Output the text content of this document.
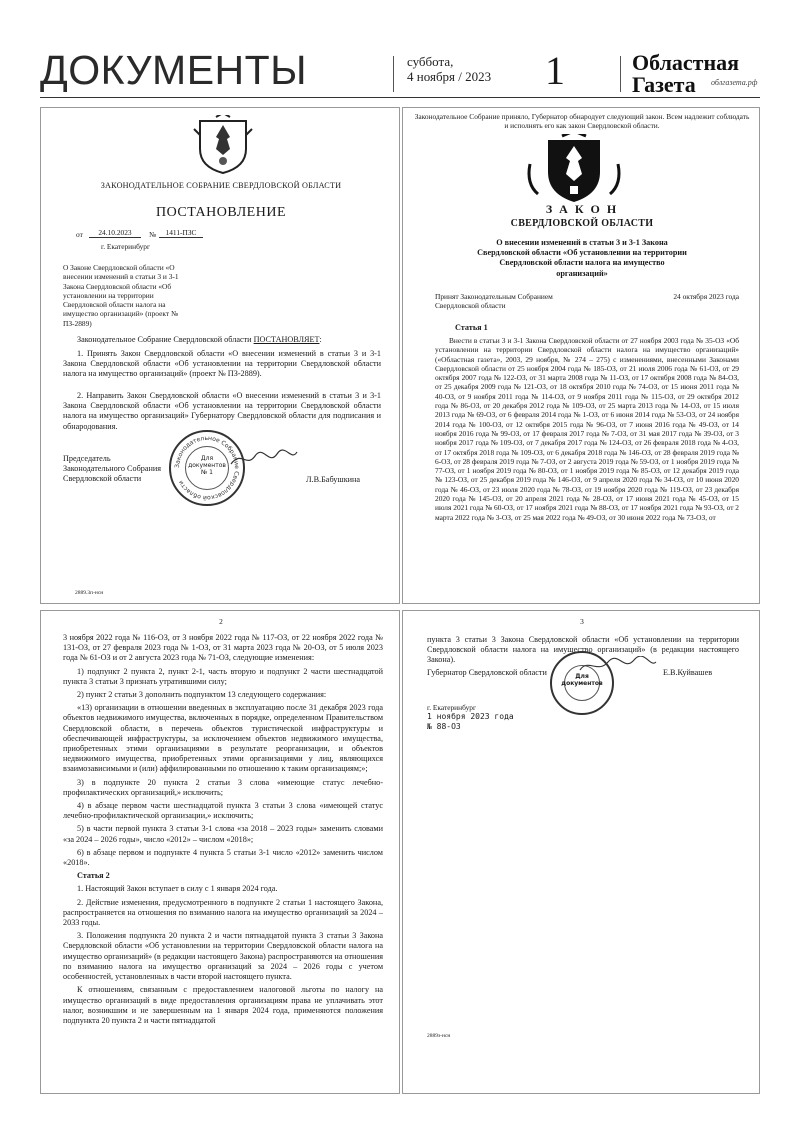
ДОКУМЕНТЫ	суббота,
4 ноября / 2023 1	Областная
Газета	облгазета.рф
ЗАКОНОДАТЕЛЬНОЕ СОБРАНИЕ СВЕРДЛОВСКОЙ ОБЛАСТИ
ПОСТАНОВЛЕНИЕ
от	24.10.2023	№	1411-ПЗС
г. Екатеринбург
О Законе Свердловской области «О внесении изменений в статьи 3 и 3-1 Закона Свердловской области «Об установлении на территории Свердловской области налога на имущество организаций» (проект № ПЗ-2889)
Законодательное Собрание Свердловской области ПОСТАНОВЛЯЕТ:
1. Принять Закон Свердловской области «О внесении изменений в статьи 3 и 3-1 Закона Свердловской области «Об установлении на территории Свердловской области налога на имущество организаций» (проект № ПЗ-2889).
2. Направить Закон Свердловской области «О внесении изменений в статьи 3 и 3-1 Закона Свердловской области «Об установлении на территории Свердловской области налога на имущество организаций» Губернатору Свердловской области для подписания и обнародования.
Председатель
Законодательного Собрания
Свердловской области
Законодательное Собрание Свердловской области
Для
документов
№ 1
Л.В.Бабушкина
2889.3п-нсн
Законодательное Собрание приняло, Губернатор обнародует следующий закон. Всем надлежит соблюдать и исполнять его как закон Свердловской области.
З А К О Н
СВЕРДЛОВСКОЙ ОБЛАСТИ
О внесении изменений в статьи 3 и 3-1 Закона Свердловской области «Об установлении на территории Свердловской области налога на имущество организаций»
Принят Законодательным Собранием
Свердловской области
24 октября 2023 года
Статья 1
Внести в статьи 3 и 3-1 Закона Свердловской области от 27 ноября 2003 года № 35-ОЗ «Об установлении на территории Свердловской области налога на имущество организаций» («Областная газета», 2003, 29 ноября, № 274 – 275) с изменениями, внесенными Законами Свердловской области от 25 ноября 2004 года № 185-ОЗ, от 21 июля 2006 года № 61-ОЗ, от 29 октября 2007 года № 122-ОЗ, от 31 марта 2008 года № 11-ОЗ, от 17 октября 2008 года № 84-ОЗ, от 25 декабря 2009 года № 121-ОЗ, от 18 октября 2010 года № 74-ОЗ, от 15 июня 2011 года № 40-ОЗ, от 9 ноября 2011 года № 114-ОЗ, от 9 ноября 2011 года № 115-ОЗ, от 29 октября 2012 года № 86-ОЗ, от 20 декабря 2012 года № 109-ОЗ, от 25 марта 2013 года № 14-ОЗ, от 15 июля 2013 года № 69-ОЗ, от 6 февраля 2014 года № 1-ОЗ, от 6 июня 2014 года № 53-ОЗ, от 24 ноября 2014 года № 100-ОЗ, от 12 октября 2015 года № 96-ОЗ, от 7 июня 2016 года № 49-ОЗ, от 14 ноября 2016 года № 99-ОЗ, от 17 февраля 2017 года № 7-ОЗ, от 31 мая 2017 года № 39-ОЗ, от 3 ноября 2017 года № 109-ОЗ, от 7 декабря 2017 года № 124-ОЗ, от 26 февраля 2018 года № 4-ОЗ, от 17 октября 2018 года № 109-ОЗ, от 6 декабря 2018 года № 146-ОЗ, от 28 февраля 2019 года № 6-ОЗ, от 28 февраля 2019 года № 7-ОЗ, от 2 августа 2019 года № 59-ОЗ, от 1 ноября 2019 года № 77-ОЗ, от 1 ноября 2019 года № 80-ОЗ, от 1 ноября 2019 года № 85-ОЗ, от 12 декабря 2019 года № 123-ОЗ, от 25 декабря 2019 года № 146-ОЗ, от 9 апреля 2020 года № 34-ОЗ, от 10 июня 2020 года № 46-ОЗ, от 23 июля 2020 года № 78-ОЗ, от 19 ноября 2020 года № 119-ОЗ, от 23 декабря 2020 года № 145-ОЗ, от 20 апреля 2021 года № 28-ОЗ, от 17 июня 2021 года № 45-ОЗ, от 15 июля 2021 года № 60-ОЗ, от 17 ноября 2021 года № 88-ОЗ, от 17 ноября 2021 года № 93-ОЗ, от 2 марта 2022 года № 3-ОЗ, от 25 мая 2022 года № 49-ОЗ, от 30 июня 2022 года № 73-ОЗ, от
2

3 ноября 2022 года № 116-ОЗ, от 3 ноября 2022 года № 117-ОЗ, от 22 ноября 2022 года № 131-ОЗ, от 27 февраля 2023 года № 1-ОЗ, от 31 марта 2023 года № 20-ОЗ, от 5 июля 2023 года № 61-ОЗ и от 2 августа 2023 года № 71-ОЗ, следующие изменения:

1) подпункт 2 пункта 2, пункт 2-1, часть вторую и подпункт 2 части шестнадцатой пункта 3 статьи 3 признать утратившими силу;

2) пункт 2 статьи 3 дополнить подпунктом 13 следующего содержания:

«13) организации в отношении введенных в эксплуатацию после 31 декабря 2023 года объектов недвижимого имущества, включенных в порядке, определенном Правительством Свердловской области, в перечень объектов туристической инфраструктуры и обеспечивающей инфраструктуры, за исключением объектов недвижимого имущества, приобретенных этими организациями в результате реорганизации, и объектов недвижимого имущества, приобретенных этими организациями у лиц, являющихся взаимозависимыми и (или) аффилированными по отношению к таким организациям;»;

3) в подпункте 20 пункта 2 статьи 3 слова «имеющие статус лечебно-профилактических организаций,» исключить;

4) в абзаце первом части шестнадцатой пункта 3 статьи 3 слова «имеющей статус лечебно-профилактической организации,» исключить;

5) в части первой пункта 3 статьи 3-1 слова «за 2018 – 2023 годы» заменить словами «за 2024 – 2026 годы», число «2012» – числом «2018»;

6) в абзаце первом и подпункте 4 пункта 5 статьи 3-1 число «2012» заменить числом «2018».

Статья 2

1. Настоящий Закон вступает в силу с 1 января 2024 года.

2. Действие изменения, предусмотренного в подпункте 2 статьи 1 настоящего Закона, распространяется на отношения по взиманию налога на имущество организаций за 2024 – 2033 годы.

3. Положения подпункта 20 пункта 2 и части пятнадцатой пункта 3 статьи 3 Закона Свердловской области «Об установлении на территории Свердловской области налога на имущество организаций» (в редакции настоящего Закона) распространяются на отношения по взиманию налога на имущество организаций за 2024 – 2026 годы с учетом особенностей, установленных в части второй настоящего пункта.

К отношениям, связанным с предоставлением налоговой льготы по налогу на имущество организаций в виде предоставления организациям права не уплачивать этот налог, возникшим и не завершенным на 1 января 2024 года, применяются положения подпункта 20 пункта 2 и части пятнадцатой

3
пункта 3 статьи 3 Закона Свердловской области «Об установлении на территории Свердловской области налога на имущество организаций» (в редакции настоящего Закона).
Губернатор Свердловской области	Е.В.Куйвашев
Для
документов
г. Екатеринбург
1 ноября 2023 года
№ 88-ОЗ
2889з-нсн
